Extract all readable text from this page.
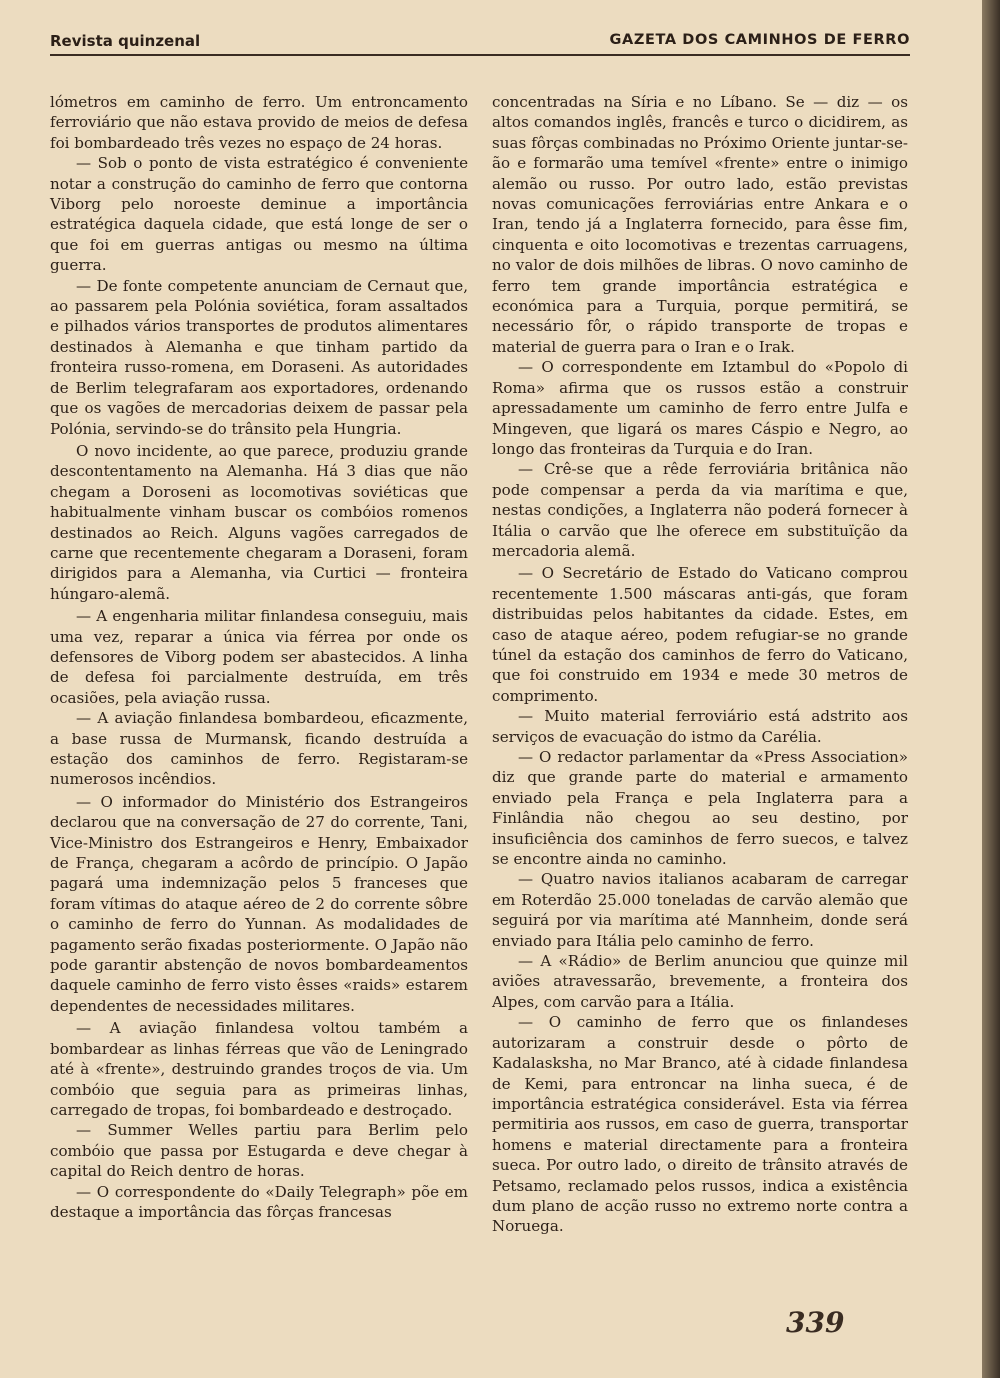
Revista quinzenal	GAZETA DOS CAMINHOS DE FERRO

lómetros em caminho de ferro. Um entroncamento ferroviário que não estava provido de meios de defesa foi bombardeado três vezes no espaço de 24 horas.

— Sob o ponto de vista estratégico é conveniente notar a construção do caminho de ferro que contorna Viborg pelo noroeste deminue a importância estratégica daquela cidade, que está longe de ser o que foi em guerras antigas ou mesmo na última guerra.

— De fonte competente anunciam de Cernaut que, ao passarem pela Polónia soviética, foram assaltados e pilhados vários transportes de produtos alimentares destinados à Alemanha e que tinham partido da fronteira russo-romena, em Doraseni. As autoridades de Berlim telegrafaram aos exportadores, ordenando que os vagões de mercadorias deixem de passar pela Polónia, servindo-se do trânsito pela Hungria.

O novo incidente, ao que parece, produziu grande descontentamento na Alemanha. Há 3 dias que não chegam a Doroseni as locomotivas soviéticas que habitualmente vinham buscar os combóios romenos destinados ao Reich. Alguns vagões carregados de carne que recentemente chegaram a Doraseni, foram dirigidos para a Alemanha, via Curtici — fronteira húngaro-alemã.

— A engenharia militar finlandesa conseguiu, mais uma vez, reparar a única via férrea por onde os defensores de Viborg podem ser abastecidos. A linha de defesa foi parcialmente destruída, em três ocasiões, pela aviação russa.

— A aviação finlandesa bombardeou, eficazmente, a base russa de Murmansk, ficando destruída a estação dos caminhos de ferro. Registaram-se numerosos incêndios.

— O informador do Ministério dos Estrangeiros declarou que na conversação de 27 do corrente, Tani, Vice-Ministro dos Estrangeiros e Henry, Embaixador de França, chegaram a acôrdo de princípio. O Japão pagará uma indemnização pelos 5 franceses que foram vítimas do ataque aéreo de 2 do corrente sôbre o caminho de ferro do Yunnan. As modalidades de pagamento serão fixadas posteriormente. O Japão não pode garantir abstenção de novos bombardeamentos daquele caminho de ferro visto êsses «raids» estarem dependentes de necessidades militares.

— A aviação finlandesa voltou também a bombardear as linhas férreas que vão de Leningrado até à «frente», destruindo grandes troços de via. Um combóio que seguia para as primeiras linhas, carregado de tropas, foi bombardeado e destroçado.

— Summer Welles partiu para Berlim pelo combóio que passa por Estugarda e deve chegar à capital do Reich dentro de horas.

— O correspondente do «Daily Telegraph» põe em destaque a importância das fôrças francesas

concentradas na Síria e no Líbano. Se — diz — os altos comandos inglês, francês e turco o dicidirem, as suas fôrças combinadas no Próximo Oriente juntar-se-ão e formarão uma temível «frente» entre o inimigo alemão ou russo. Por outro lado, estão previstas novas comunicações ferroviárias entre Ankara e o Iran, tendo já a Inglaterra fornecido, para êsse fim, cinquenta e oito locomotivas e trezentas carruagens, no valor de dois milhões de libras. O novo caminho de ferro tem grande importância estratégica e económica para a Turquia, porque permitirá, se necessário fôr, o rápido transporte de tropas e material de guerra para o Iran e o Irak.

— O correspondente em Iztambul do «Popolo di Roma» afirma que os russos estão a construir apressadamente um caminho de ferro entre Julfa e Mingeven, que ligará os mares Cáspio e Negro, ao longo das fronteiras da Turquia e do Iran.

— Crê-se que a rêde ferroviária britânica não pode compensar a perda da via marítima e que, nestas condições, a Inglaterra não poderá fornecer à Itália o carvão que lhe oferece em substituïção da mercadoria alemã.

— O Secretário de Estado do Vaticano comprou recentemente 1.500 máscaras anti-gás, que foram distribuidas pelos habitantes da cidade. Estes, em caso de ataque aéreo, podem refugiar-se no grande túnel da estação dos caminhos de ferro do Vaticano, que foi construido em 1934 e mede 30 metros de comprimento.

— Muito material ferroviário está adstrito aos serviços de evacuação do istmo da Carélia.

— O redactor parlamentar da «Press Association» diz que grande parte do material e armamento enviado pela França e pela Inglaterra para a Finlândia não chegou ao seu destino, por insuficiência dos caminhos de ferro suecos, e talvez se encontre ainda no caminho.

— Quatro navios italianos acabaram de carregar em Roterdão 25.000 toneladas de carvão alemão que seguirá por via marítima até Mannheim, donde será enviado para Itália pelo caminho de ferro.

— A «Rádio» de Berlim anunciou que quinze mil aviões atravessarão, brevemente, a fronteira dos Alpes, com carvão para a Itália.

— O caminho de ferro que os finlandeses autorizaram a construir desde o pôrto de Kadalasksha, no Mar Branco, até à cidade finlandesa de Kemi, para entroncar na linha sueca, é de importância estratégica considerável. Esta via férrea permitiria aos russos, em caso de guerra, transportar homens e material directamente para a fronteira sueca. Por outro lado, o direito de trânsito através de Petsamo, reclamado pelos russos, indica a existência dum plano de acção russo no extremo norte contra a Noruega.

339
